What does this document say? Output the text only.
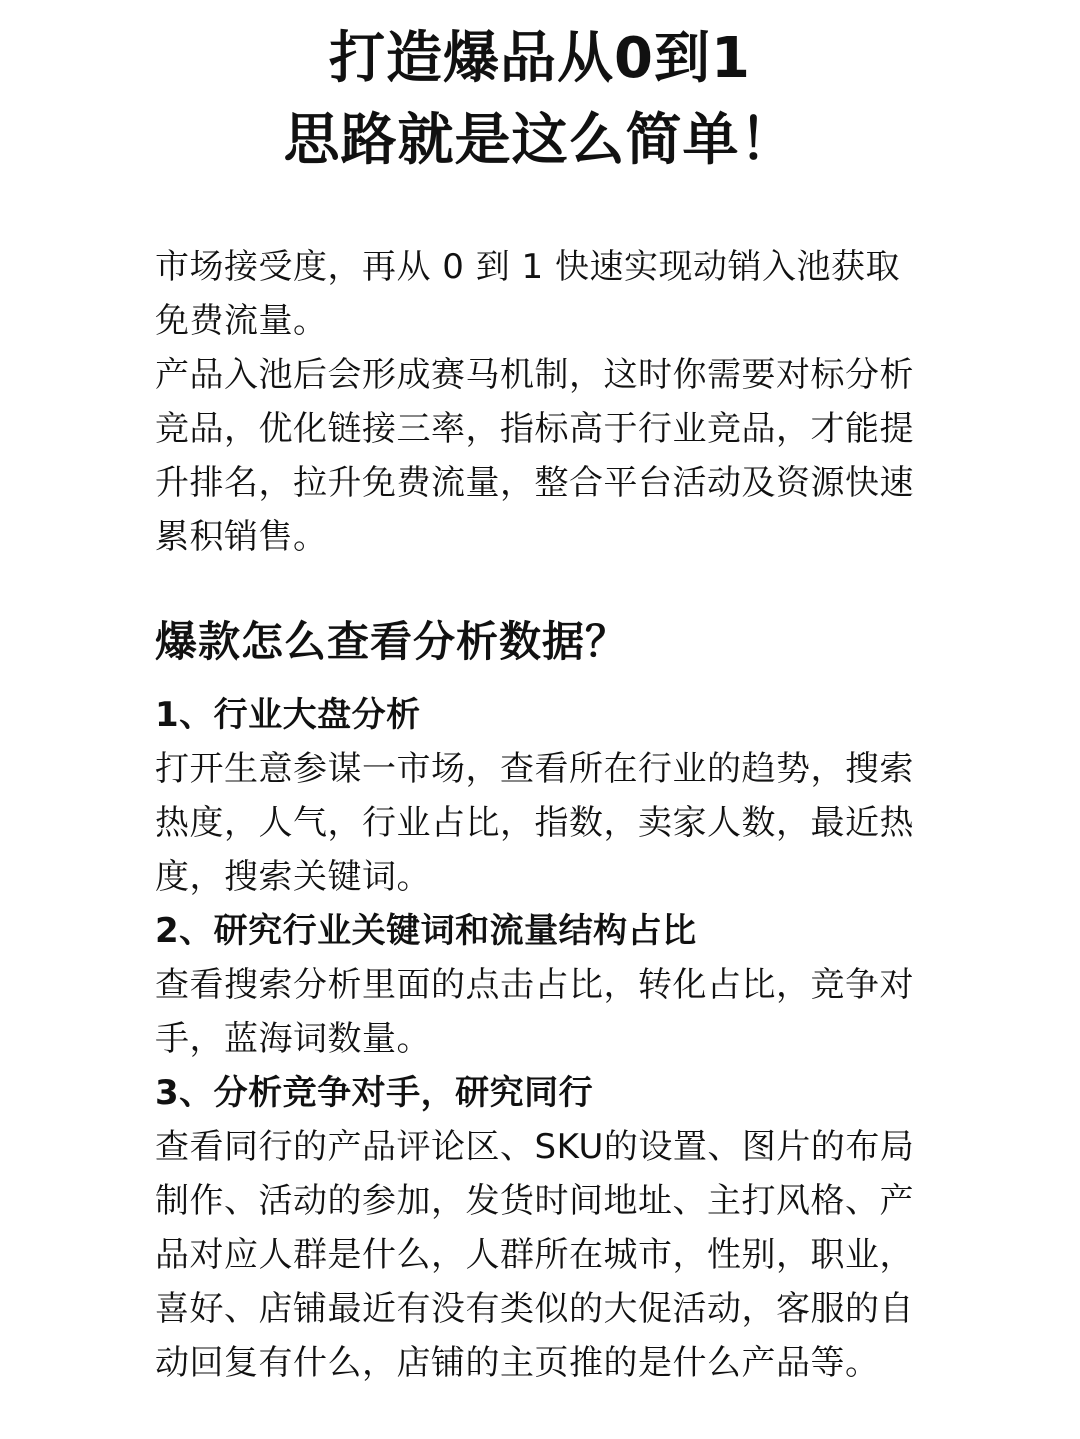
打造爆品从0到1
思路就是这么简单！

市场接受度，再从 0 到 1 快速实现动销入池获取免费流量。

产品入池后会形成赛马机制，这时你需要对标分析竞品，优化链接三率，指标高于行业竞品，才能提升排名，拉升免费流量，整合平台活动及资源快速累积销售。

爆款怎么查看分析数据？

1、行业大盘分析

打开生意参谋一市场，查看所在行业的趋势，搜索热度，人气，行业占比，指数，卖家人数，最近热度，搜索关键词。

2、研究行业关键词和流量结构占比

查看搜索分析里面的点击占比，转化占比，竞争对手，蓝海词数量。

3、分析竞争对手，研究同行

查看同行的产品评论区、SKU的设置、图片的布局制作、活动的参加，发货时间地址、主打风格、产品对应人群是什么，人群所在城市，性别，职业，喜好、店铺最近有没有类似的大促活动，客服的自动回复有什么，店铺的主页推的是什么产品等。
